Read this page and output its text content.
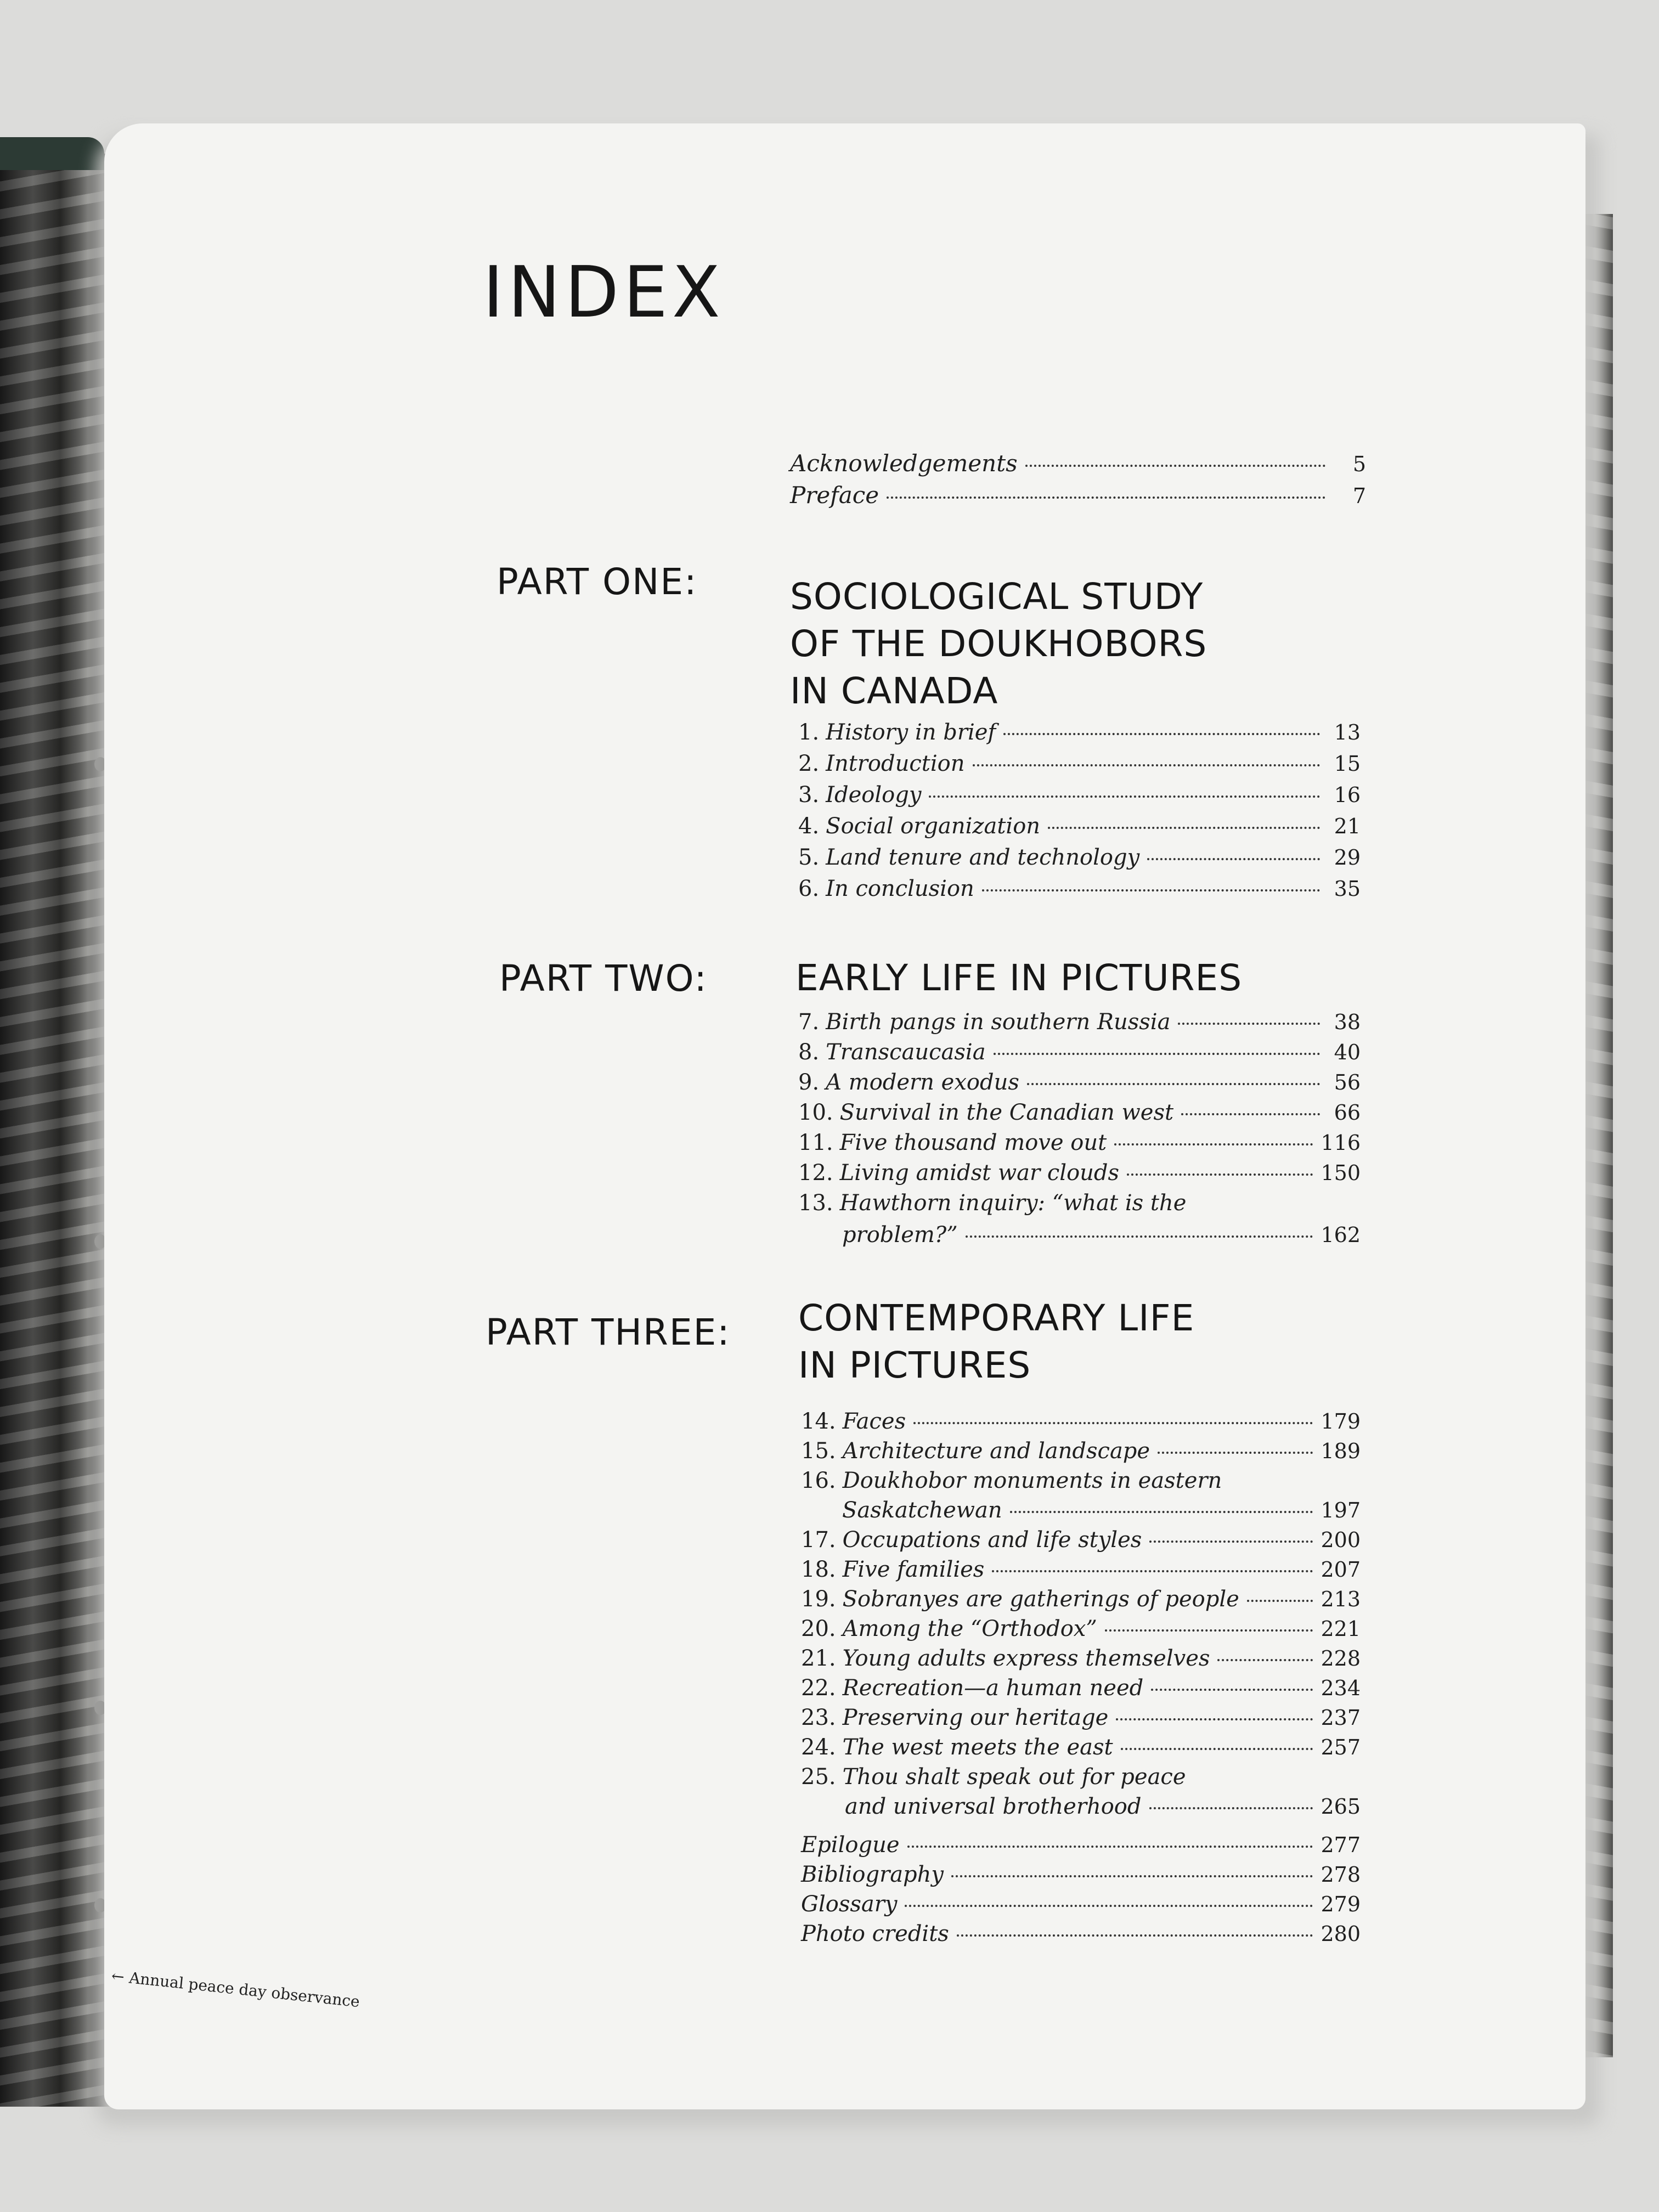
INDEX
Acknowledgements	5
Preface	7
PART ONE:	SOCIOLOGICAL STUDY
OF THE DOUKHOBORS
IN CANADA
1. History in brief	13
2. Introduction	15
3. Ideology	16
4. Social organization	21
5. Land tenure and technology	29
6. In conclusion	35
PART TWO: EARLY LIFE IN PICTURES
7. Birth pangs in southern Russia	38
8. Transcaucasia	40
9. A modern exodus	56
10. Survival in the Canadian west	66
11. Five thousand move out	116
12. Living amidst war clouds	150
13. Hawthorn inquiry: “what is the
problem?”	162
PART THREE: CONTEMPORARY LIFE
IN PICTURES
14. Faces	179
15. Architecture and landscape	189
16. Doukhobor monuments in eastern
Saskatchewan	197
17. Occupations and life styles	200
18. Five families	207
19. Sobranyes are gatherings of people	213
20. Among the “Orthodox”	221
21. Young adults express themselves	228
22. Recreation—a human need	234
23. Preserving our heritage	237
24. The west meets the east	257
25. Thou shalt speak out for peace
and universal brotherhood	265
Epilogue	277
Bibliography	278
Glossary	279
Photo credits	280
← Annual peace day observance
